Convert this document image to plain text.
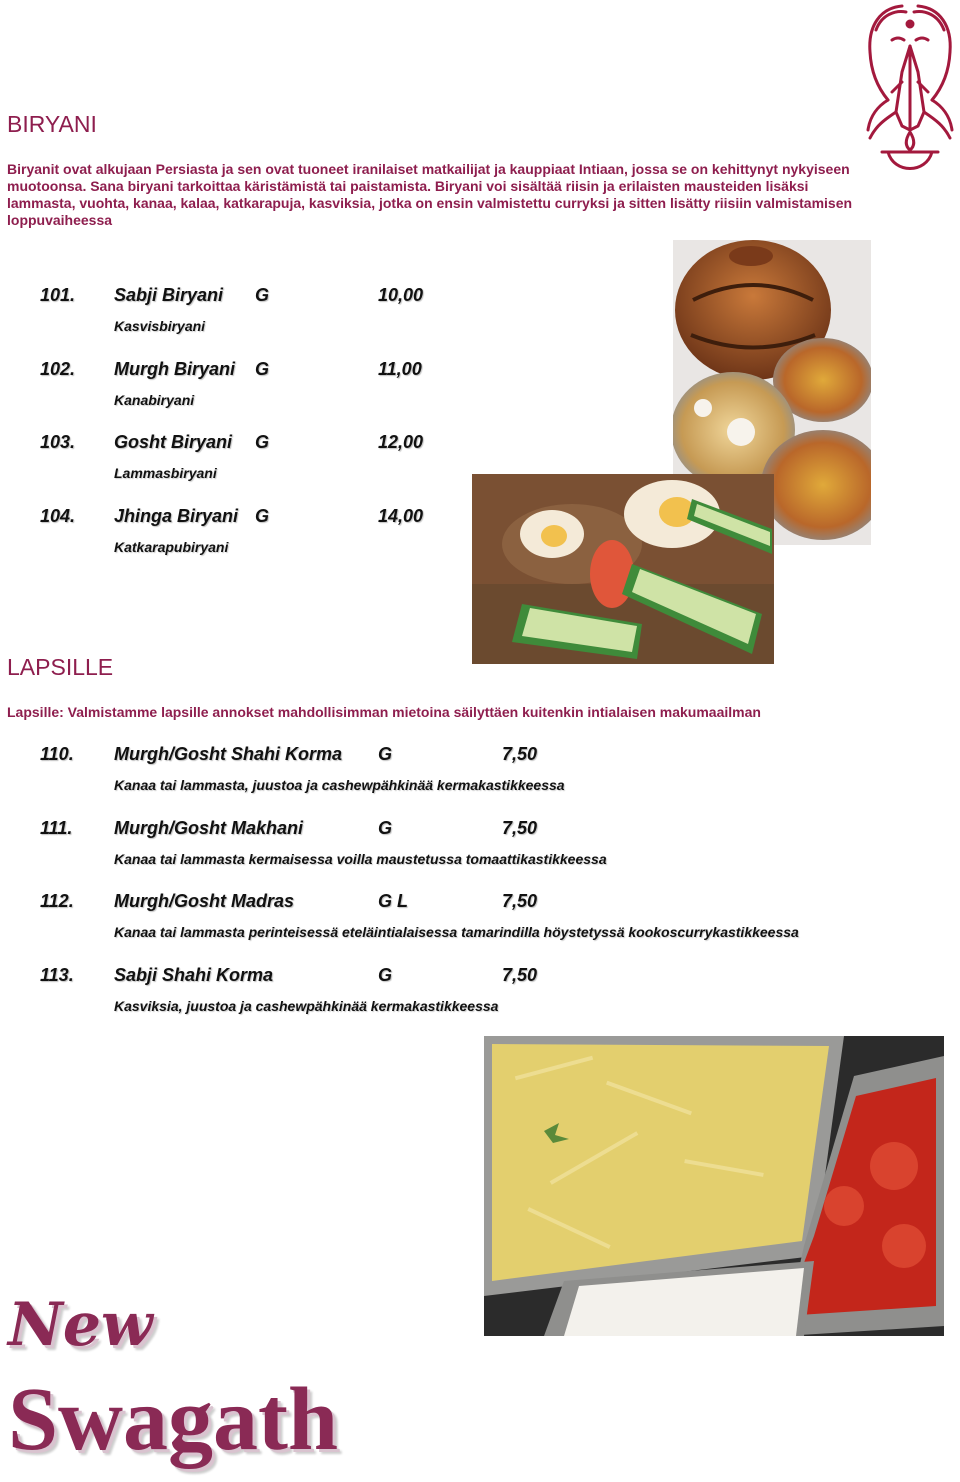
BIRYANI

Biryanit ovat alkujaan Persiasta ja sen ovat tuoneet iranilaiset matkailijat ja kauppiaat Intiaan, jossa se on kehittynyt nykyiseen muotoonsa. Sana biryani tarkoittaa käristämistä tai paistamista. Biryani voi sisältää riisin ja erilaisten mausteiden lisäksi lammasta, vuohta, kanaa, kalaa, katkarapuja, kasviksia, jotka on ensin valmistettu curryksi ja sitten lisätty riisiin valmistamisen loppuvaiheessa

101. Sabji Biryani G	10,00
Kasvisbiryani
102. Murgh Biryani G	11,00
Kanabiryani
103. Gosht Biryani G	12,00
Lammasbiryani
104. Jhinga Biryani G	14,00
Katkarapubiryani
LAPSILLE

Lapsille: Valmistamme lapsille annokset mahdollisimman mietoina säilyttäen kuitenkin intialaisen makumaailman

110. Murgh/Gosht Shahi Korma G	7,50
Kanaa tai lammasta, juustoa ja cashewpähkinää kermakastikkeessa
111. Murgh/Gosht Makhani	G	7,50
Kanaa tai lammasta kermaisessa voilla maustetussa tomaattikastikkeessa
112. Murgh/Gosht Madras	G L	7,50
Kanaa tai lammasta perinteisessä eteläintialaisessa tamarindilla höystetyssä kookoscurrykastikkeessa
113. Sabji Shahi Korma	G	7,50
Kasviksia, juustoa ja cashewpähkinää kermakastikkeessa
New
Swagath
